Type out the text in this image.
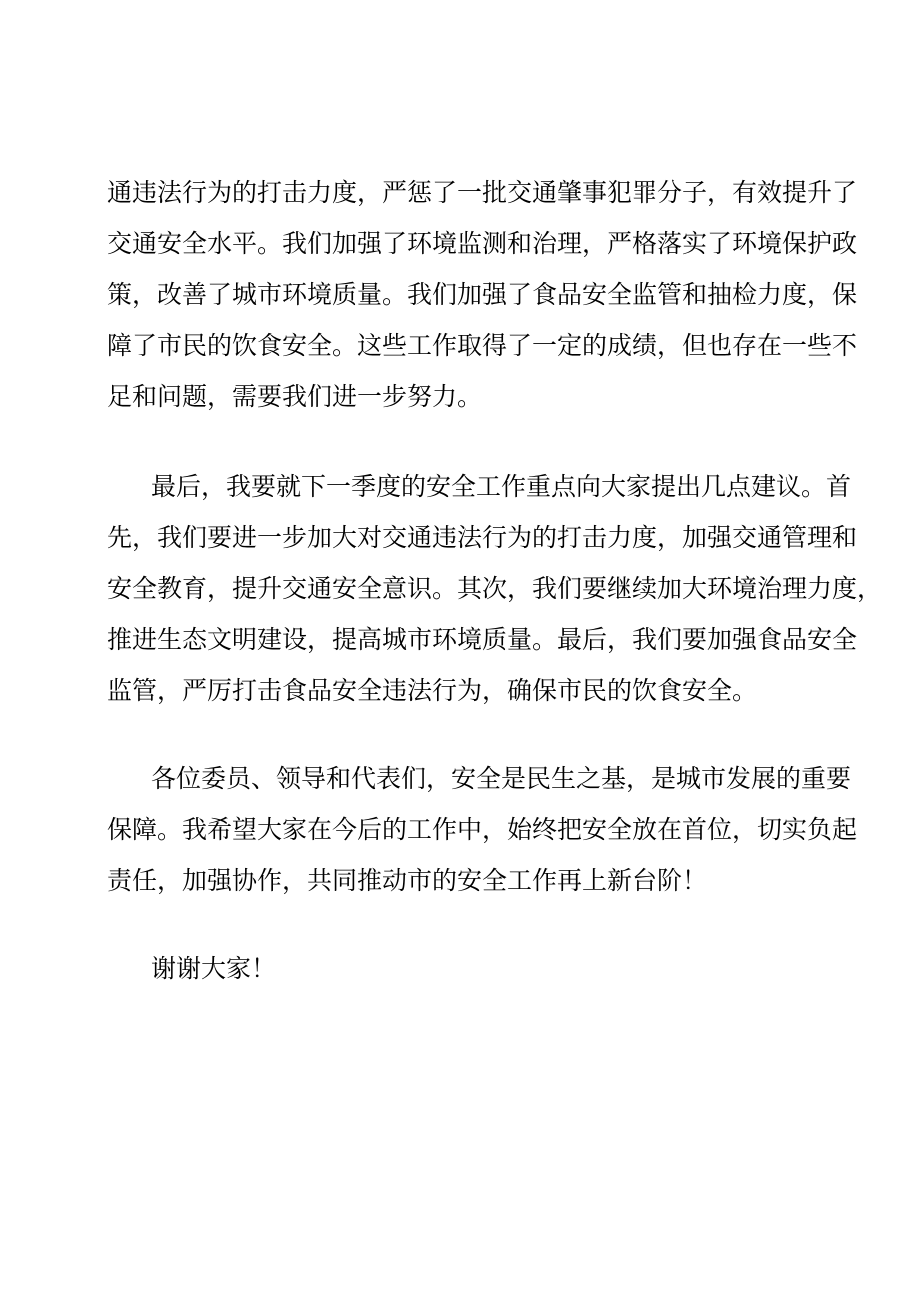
通违法行为的打击力度，严惩了一批交通肇事犯罪分子，有效提升了
交通安全水平。我们加强了环境监测和治理，严格落实了环境保护政
策，改善了城市环境质量。我们加强了食品安全监管和抽检力度，保
障了市民的饮食安全。这些工作取得了一定的成绩，但也存在一些不
足和问题，需要我们进一步努力。
最后，我要就下一季度的安全工作重点向大家提出几点建议。首
先，我们要进一步加大对交通违法行为的打击力度，加强交通管理和
安全教育，提升交通安全意识。其次，我们要继续加大环境治理力度，
推进生态文明建设，提高城市环境质量。最后，我们要加强食品安全
监管，严厉打击食品安全违法行为，确保市民的饮食安全。
各位委员、领导和代表们，安全是民生之基，是城市发展的重要
保障。我希望大家在今后的工作中，始终把安全放在首位，切实负起
责任，加强协作，共同推动市的安全工作再上新台阶！
谢谢大家！
